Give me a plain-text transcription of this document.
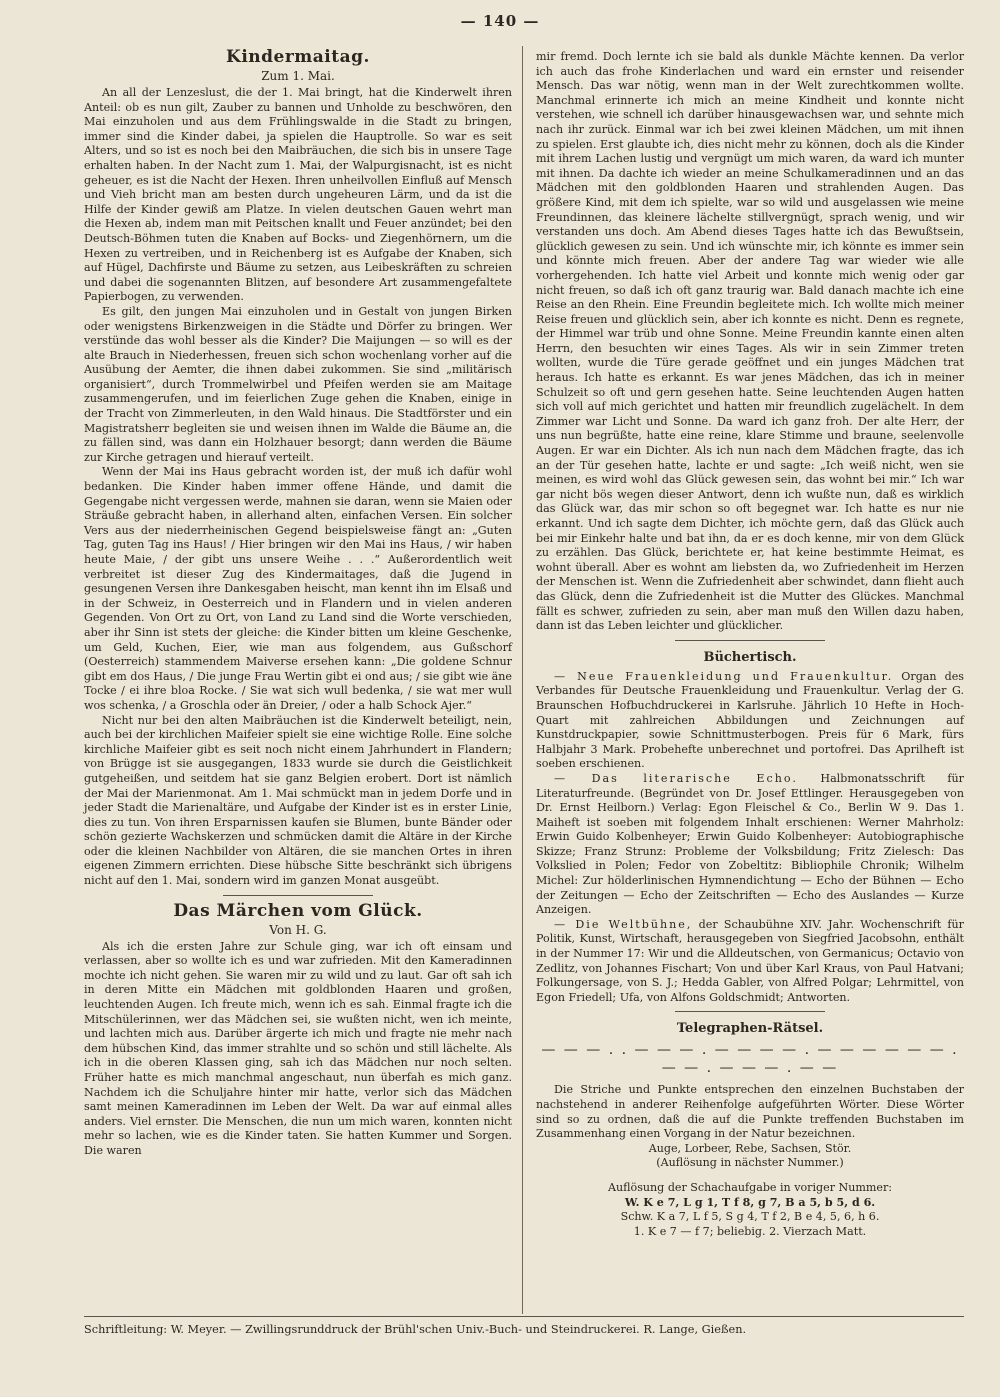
— 140 —
Kindermaitag.
Zum 1. Mai.

An all der Lenzeslust, die der 1. Mai bringt, hat die Kinderwelt ihren Anteil: ob es nun gilt, Zauber zu bannen und Unholde zu beschwören, den Mai einzuholen und aus dem Frühlingswalde in die Stadt zu bringen, immer sind die Kinder dabei, ja spielen die Hauptrolle. So war es seit Alters, und so ist es noch bei den Maibräuchen, die sich bis in unsere Tage erhalten haben. In der Nacht zum 1. Mai, der Walpurgisnacht, ist es nicht geheuer, es ist die Nacht der Hexen. Ihren unheilvollen Einfluß auf Mensch und Vieh bricht man am besten durch ungeheuren Lärm, und da ist die Hilfe der Kinder gewiß am Platze. In vielen deutschen Gauen wehrt man die Hexen ab, indem man mit Peitschen knallt und Feuer anzündet; bei den Deutsch-Böhmen tuten die Knaben auf Bocks- und Ziegenhörnern, um die Hexen zu vertreiben, und in Reichenberg ist es Aufgabe der Knaben, sich auf Hügel, Dachfirste und Bäume zu setzen, aus Leibeskräften zu schreien und dabei die sogenannten Blitzen, auf besondere Art zusammengefaltete Papierbogen, zu verwenden.

Es gilt, den jungen Mai einzuholen und in Gestalt von jungen Birken oder wenigstens Birkenzweigen in die Städte und Dörfer zu bringen. Wer verstünde das wohl besser als die Kinder? Die Maijungen — so will es der alte Brauch in Niederhessen, freuen sich schon wochenlang vorher auf die Ausübung der Aemter, die ihnen dabei zukommen. Sie sind „militärisch organisiert“, durch Trommelwirbel und Pfeifen werden sie am Maitage zusammengerufen, und im feierlichen Zuge gehen die Knaben, einige in der Tracht von Zimmerleuten, in den Wald hinaus. Die Stadtförster und ein Magistratsherr begleiten sie und weisen ihnen im Walde die Bäume an, die zu fällen sind, was dann ein Holzhauer besorgt; dann werden die Bäume zur Kirche getragen und hierauf verteilt.

Wenn der Mai ins Haus gebracht worden ist, der muß ich dafür wohl bedanken. Die Kinder haben immer offene Hände, und damit die Gegengabe nicht vergessen werde, mahnen sie daran, wenn sie Maien oder Sträuße gebracht haben, in allerhand alten, einfachen Versen. Ein solcher Vers aus der niederrheinischen Gegend beispielsweise fängt an: „Guten Tag, guten Tag ins Haus! / Hier bringen wir den Mai ins Haus, / wir haben heute Maie, / der gibt uns unsere Weihe . . .“ Außerordentlich weit verbreitet ist dieser Zug des Kindermaitages, daß die Jugend in gesungenen Versen ihre Dankesgaben heischt, man kennt ihn im Elsaß und in der Schweiz, in Oesterreich und in Flandern und in vielen anderen Gegenden. Von Ort zu Ort, von Land zu Land sind die Worte verschieden, aber ihr Sinn ist stets der gleiche: die Kinder bitten um kleine Geschenke, um Geld, Kuchen, Eier, wie man aus folgendem, aus Gußschorf (Oesterreich) stammendem Maiverse ersehen kann: „Die goldene Schnur gibt em dos Haus, / Die junge Frau Wertin gibt ei ond aus; / sie gibt wie äne Tocke / ei ihre bloa Rocke. / Sie wat sich wull bedenka, / sie wat mer wull wos schenka, / a Groschla oder än Dreier, / oder a halb Schock Ajer.“

Nicht nur bei den alten Maibräuchen ist die Kinderwelt beteiligt, nein, auch bei der kirchlichen Maifeier spielt sie eine wichtige Rolle. Eine solche kirchliche Maifeier gibt es seit noch nicht einem Jahrhundert in Flandern; von Brügge ist sie ausgegangen, 1833 wurde sie durch die Geistlichkeit gutgeheißen, und seitdem hat sie ganz Belgien erobert. Dort ist nämlich der Mai der Marienmonat. Am 1. Mai schmückt man in jedem Dorfe und in jeder Stadt die Marienaltäre, und Aufgabe der Kinder ist es in erster Linie, dies zu tun. Von ihren Ersparnissen kaufen sie Blumen, bunte Bänder oder schön gezierte Wachskerzen und schmücken damit die Altäre in der Kirche oder die kleinen Nachbilder von Altären, die sie manchen Ortes in ihren eigenen Zimmern errichten. Diese hübsche Sitte beschränkt sich übrigens nicht auf den 1. Mai, sondern wird im ganzen Monat ausgeübt.

Das Märchen vom Glück.
Von H. G.

Als ich die ersten Jahre zur Schule ging, war ich oft einsam und verlassen, aber so wollte ich es und war zufrieden. Mit den Kameradinnen mochte ich nicht gehen. Sie waren mir zu wild und zu laut. Gar oft sah ich in deren Mitte ein Mädchen mit goldblonden Haaren und großen, leuchtenden Augen. Ich freute mich, wenn ich es sah. Einmal fragte ich die Mitschülerinnen, wer das Mädchen sei, sie wußten nicht, wen ich meinte, und lachten mich aus. Darüber ärgerte ich mich und fragte nie mehr nach dem hübschen Kind, das immer strahlte und so schön und still lächelte. Als ich in die oberen Klassen ging, sah ich das Mädchen nur noch selten. Früher hatte es mich manchmal angeschaut, nun überfah es mich ganz. Nachdem ich die Schuljahre hinter mir hatte, verlor sich das Mädchen samt meinen Kameradinnen im Leben der Welt. Da war auf einmal alles anders. Viel ernster. Die Menschen, die nun um mich waren, konnten nicht mehr so lachen, wie es die Kinder taten. Sie hatten Kummer und Sorgen. Die waren

mir fremd. Doch lernte ich sie bald als dunkle Mächte kennen. Da verlor ich auch das frohe Kinderlachen und ward ein ernster und reisender Mensch. Das war nötig, wenn man in der Welt zurechtkommen wollte. Manchmal erinnerte ich mich an meine Kindheit und konnte nicht verstehen, wie schnell ich darüber hinausgewachsen war, und sehnte mich nach ihr zurück. Einmal war ich bei zwei kleinen Mädchen, um mit ihnen zu spielen. Erst glaubte ich, dies nicht mehr zu können, doch als die Kinder mit ihrem Lachen lustig und vergnügt um mich waren, da ward ich munter mit ihnen. Da dachte ich wieder an meine Schulkameradinnen und an das Mädchen mit den goldblonden Haaren und strahlenden Augen. Das größere Kind, mit dem ich spielte, war so wild und ausgelassen wie meine Freundinnen, das kleinere lächelte stillvergnügt, sprach wenig, und wir verstanden uns doch. Am Abend dieses Tages hatte ich das Bewußtsein, glücklich gewesen zu sein. Und ich wünschte mir, ich könnte es immer sein und könnte mich freuen. Aber der andere Tag war wieder wie alle vorhergehenden. Ich hatte viel Arbeit und konnte mich wenig oder gar nicht freuen, so daß ich oft ganz traurig war. Bald danach machte ich eine Reise an den Rhein. Eine Freundin begleitete mich. Ich wollte mich meiner Reise freuen und glücklich sein, aber ich konnte es nicht. Denn es regnete, der Himmel war trüb und ohne Sonne. Meine Freundin kannte einen alten Herrn, den besuchten wir eines Tages. Als wir in sein Zimmer treten wollten, wurde die Türe gerade geöffnet und ein junges Mädchen trat heraus. Ich hatte es erkannt. Es war jenes Mädchen, das ich in meiner Schulzeit so oft und gern gesehen hatte. Seine leuchtenden Augen hatten sich voll auf mich gerichtet und hatten mir freundlich zugelächelt. In dem Zimmer war Licht und Sonne. Da ward ich ganz froh. Der alte Herr, der uns nun begrüßte, hatte eine reine, klare Stimme und braune, seelenvolle Augen. Er war ein Dichter. Als ich nun nach dem Mädchen fragte, das ich an der Tür gesehen hatte, lachte er und sagte: „Ich weiß nicht, wen sie meinen, es wird wohl das Glück gewesen sein, das wohnt bei mir.“ Ich war gar nicht bös wegen dieser Antwort, denn ich wußte nun, daß es wirklich das Glück war, das mir schon so oft begegnet war. Ich hatte es nur nie erkannt. Und ich sagte dem Dichter, ich möchte gern, daß das Glück auch bei mir Einkehr halte und bat ihn, da er es doch kenne, mir von dem Glück zu erzählen. Das Glück, berichtete er, hat keine bestimmte Heimat, es wohnt überall. Aber es wohnt am liebsten da, wo Zufriedenheit im Herzen der Menschen ist. Wenn die Zufriedenheit aber schwindet, dann flieht auch das Glück, denn die Zufriedenheit ist die Mutter des Glückes. Manchmal fällt es schwer, zufrieden zu sein, aber man muß den Willen dazu haben, dann ist das Leben leichter und glücklicher.

Büchertisch.

— Neue Frauenkleidung und Frauenkultur. Organ des Verbandes für Deutsche Frauenkleidung und Frauenkultur. Verlag der G. Braunschen Hofbuchdruckerei in Karlsruhe. Jährlich 10 Hefte in Hoch-Quart mit zahlreichen Abbildungen und Zeichnungen auf Kunstdruckpapier, sowie Schnittmusterbogen. Preis für 6 Mark, fürs Halbjahr 3 Mark. Probehefte unberechnet und portofrei. Das Aprilheft ist soeben erschienen.

— Das literarische Echo. Halbmonatsschrift für Literaturfreunde. (Begründet von Dr. Josef Ettlinger. Herausgegeben von Dr. Ernst Heilborn.) Verlag: Egon Fleischel & Co., Berlin W 9. Das 1. Maiheft ist soeben mit folgendem Inhalt erschienen: Werner Mahrholz: Erwin Guido Kolbenheyer; Erwin Guido Kolbenheyer: Autobiographische Skizze; Franz Strunz: Probleme der Volksbildung; Fritz Zielesch: Das Volkslied in Polen; Fedor von Zobeltitz: Bibliophile Chronik; Wilhelm Michel: Zur hölderlinischen Hymnendichtung — Echo der Bühnen — Echo der Zeitungen — Echo der Zeitschriften — Echo des Auslandes — Kurze Anzeigen.

— Die Weltbühne, der Schaubühne XIV. Jahr. Wochenschrift für Politik, Kunst, Wirtschaft, herausgegeben von Siegfried Jacobsohn, enthält in der Nummer 17: Wir und die Alldeutschen, von Germanicus; Octavio von Zedlitz, von Johannes Fischart; Von und über Karl Kraus, von Paul Hatvani; Folkungersage, von S. J.; Hedda Gabler, von Alfred Polgar; Lehrmittel, von Egon Friedell; Ufa, von Alfons Goldschmidt; Antworten.

Telegraphen-Rätsel.
— — — . . — — — . — — — — . — — — — — — . — — . — — — . — —

Die Striche und Punkte entsprechen den einzelnen Buchstaben der nachstehend in anderer Reihenfolge aufgeführten Wörter. Diese Wörter sind so zu ordnen, daß die auf die Punkte treffenden Buchstaben im Zusammenhang einen Vorgang in der Natur bezeichnen.

Auge, Lorbeer, Rebe, Sachsen, Stör.

(Auflösung in nächster Nummer.)

Auflösung der Schachaufgabe in voriger Nummer:
W. K e 7, L g 1, T f 8, g 7, B a 5, b 5, d 6.
Schw. K a 7, L f 5, S g 4, T f 2, B e 4, 5, 6, h 6.
1. K e 7 — f 7; beliebig. 2. Vierzach Matt.
Schriftleitung: W. Meyer. — Zwillingsrunddruck der Brühl'schen Univ.-Buch- und Steindruckerei. R. Lange, Gießen.
